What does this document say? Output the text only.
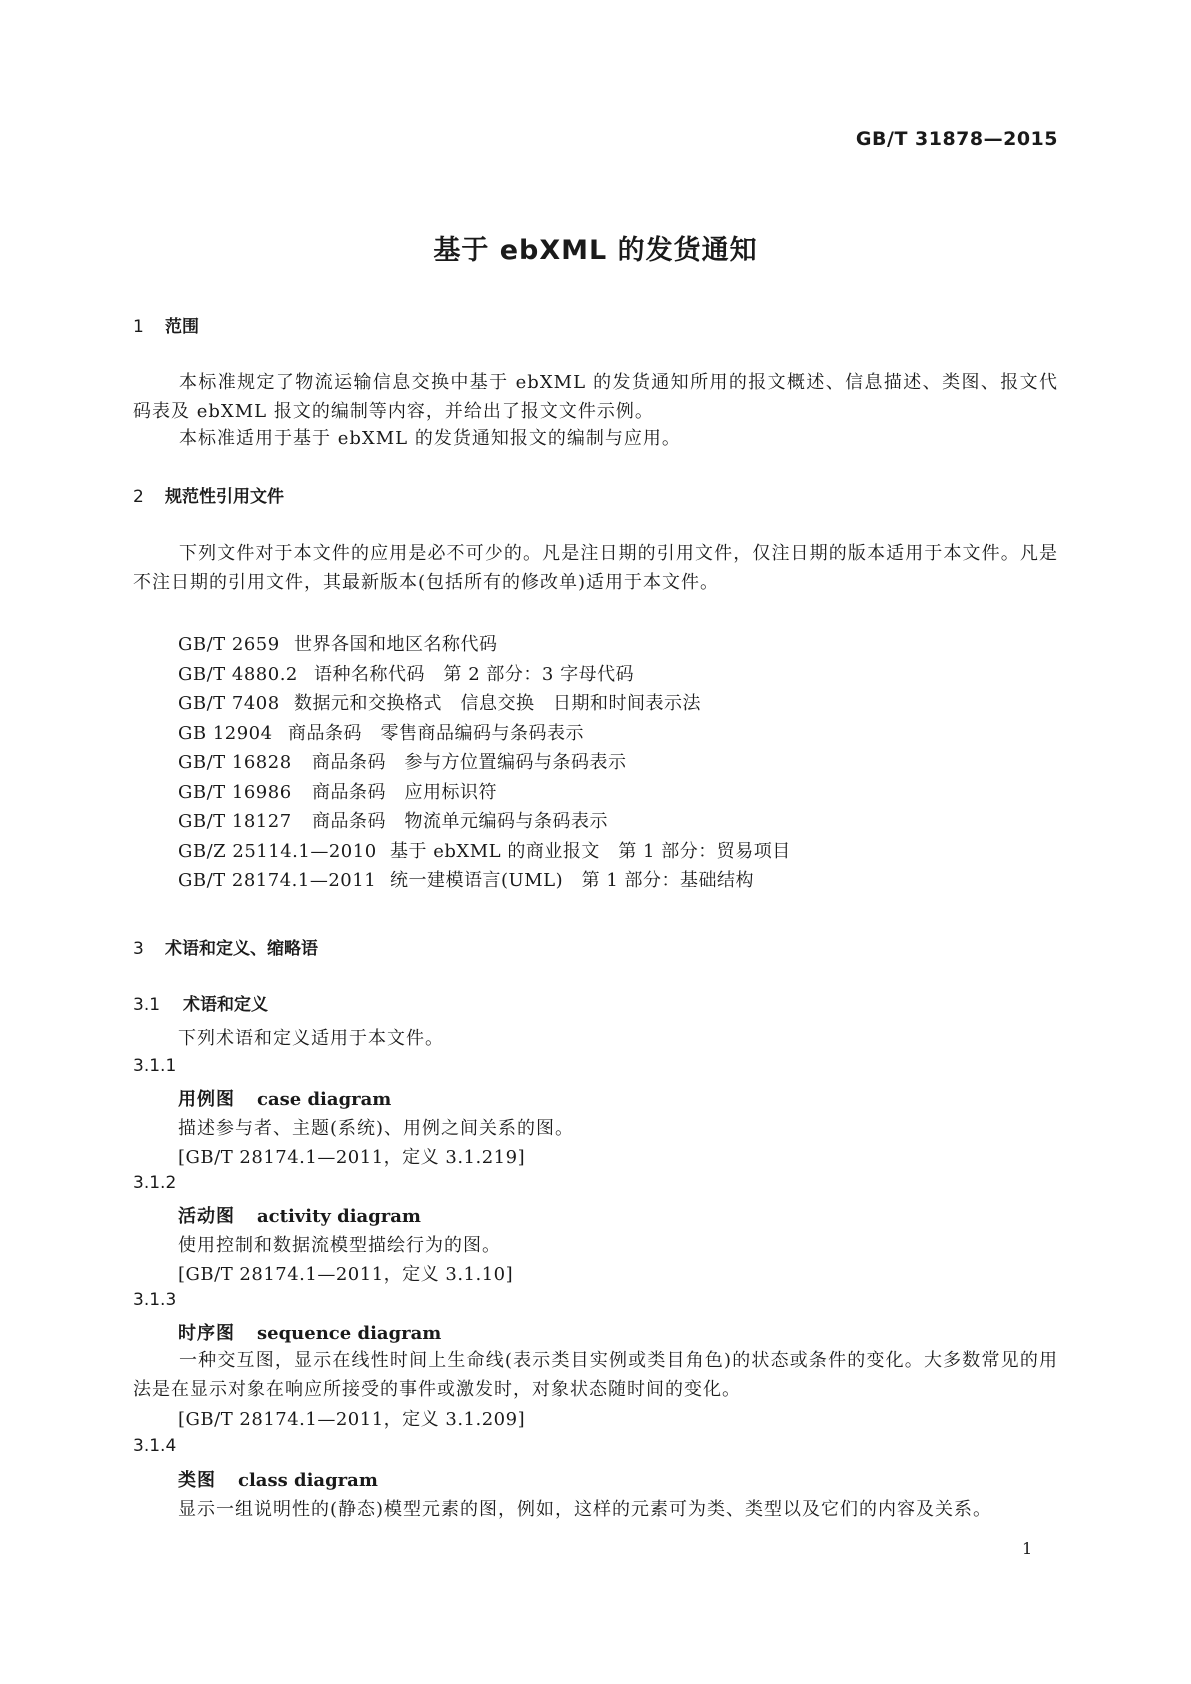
GB/T 31878—2015
基于 ebXML 的发货通知
1 范围
本标准规定了物流运输信息交换中基于 ebXML 的发货通知所用的报文概述、信息描述、类图、报文代码表及 ebXML 报文的编制等内容，并给出了报文文件示例。
本标准适用于基于 ebXML 的发货通知报文的编制与应用。
2 规范性引用文件
下列文件对于本文件的应用是必不可少的。凡是注日期的引用文件，仅注日期的版本适用于本文件。凡是不注日期的引用文件，其最新版本(包括所有的修改单)适用于本文件。
GB/T 2659 世界各国和地区名称代码
GB/T 4880.2 语种名称代码　第 2 部分：3 字母代码
GB/T 7408 数据元和交换格式　信息交换　日期和时间表示法
GB 12904 商品条码　零售商品编码与条码表示
GB/T 16828 商品条码　参与方位置编码与条码表示
GB/T 16986 商品条码　应用标识符
GB/T 18127 商品条码　物流单元编码与条码表示
GB/Z 25114.1—2010 基于 ebXML 的商业报文　第 1 部分：贸易项目
GB/T 28174.1—2011 统一建模语言(UML)　第 1 部分：基础结构
3 术语和定义、缩略语
3.1 术语和定义
下列术语和定义适用于本文件。
3.1.1
用例图 case diagram
描述参与者、主题(系统)、用例之间关系的图。
[GB/T 28174.1—2011，定义 3.1.219]
3.1.2
活动图 activity diagram
使用控制和数据流模型描绘行为的图。
[GB/T 28174.1—2011，定义 3.1.10]
3.1.3
时序图 sequence diagram
一种交互图，显示在线性时间上生命线(表示类目实例或类目角色)的状态或条件的变化。大多数常见的用法是在显示对象在响应所接受的事件或激发时，对象状态随时间的变化。
[GB/T 28174.1—2011，定义 3.1.209]
3.1.4
类图 class diagram
显示一组说明性的(静态)模型元素的图，例如，这样的元素可为类、类型以及它们的内容及关系。
1
